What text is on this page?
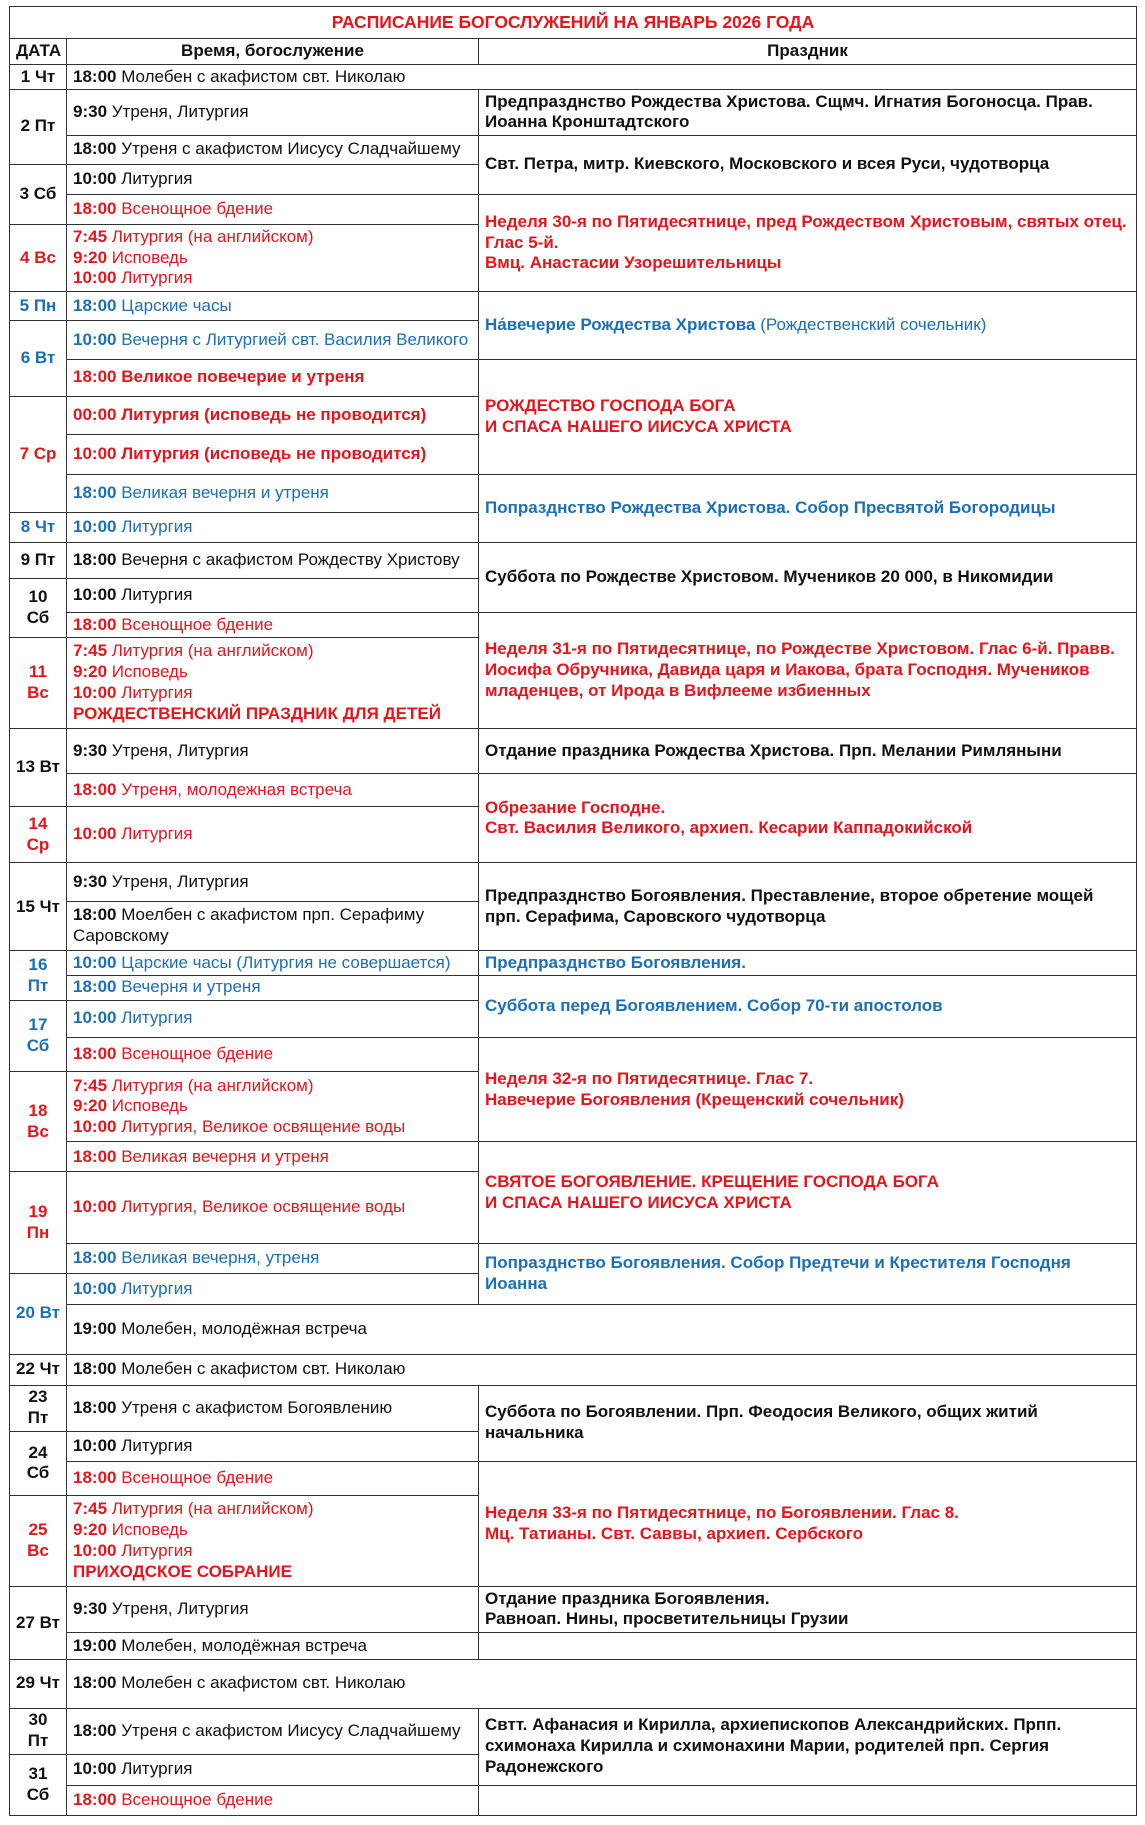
РАСПИСАНИЕ БОГОСЛУЖЕНИЙ НА ЯНВАРЬ 2026 ГОДА		
ДАТА	Время, богослужение	Праздник
1 Чт	18:00 Молебен с акафистом свт. Николаю	
2 Пт	9:30 Утреня, Литургия	Предпразднство Рождества Христова. Сщмч. Игнатия Богоносца. Прав. Иоанна Кронштадтского
	18:00 Утреня с акафистом Иисусу Сладчайшему	Свт. Петра, митр. Киевского, Московского и всея Руси, чудотворца
3 Сб	10:00 Литургия	
	18:00 Всенощное бдение	Неделя 30-я по Пятидесятнице, пред Рождеством Христовым, святых отец. Глас 5-й.
Вмц. Анастасии Узорешительницы
4 Вс	7:45 Литургия (на английском)
9:20 Исповедь
10:00 Литургия	
5 Пн	18:00 Царские часы	На́вечерие Рождества Христова (Рождественский сочельник)
6 Вт	10:00 Вечерня с Литургией свт. Василия Великого	
	18:00 Великое повечерие и утреня	РОЖДЕСТВО ГОСПОДА БОГА
И СПАСА НАШЕГО ИИСУСА ХРИСТА
7 Ср	00:00 Литургия (исповедь не проводится)	
	10:00 Литургия (исповедь не проводится)	
	18:00 Великая вечерня и утреня	Попразднство Рождества Христова. Собор Пресвятой Богородицы
8 Чт	10:00 Литургия	
9 Пт	18:00 Вечерня с акафистом Рождеству Христову	Суббота по Рождестве Христовом. Мучеников 20 000, в Никомидии
10 Сб	10:00 Литургия	
	18:00 Всенощное бдение	Неделя 31-я по Пятидесятнице, по Рождестве Христовом. Глас 6-й. Правв. Иосифа Обручника, Давида царя и Иакова, брата Господня. Мучеников младенцев, от Ирода в Вифлееме избиенных
11 Вс	7:45 Литургия (на английском)
9:20 Исповедь
10:00 Литургия
РОЖДЕСТВЕНСКИЙ ПРАЗДНИК ДЛЯ ДЕТЕЙ	

13 Вт	9:30 Утреня, Литургия	Отдание праздника Рождества Христова. Прп. Мелании Римляныни
	18:00 Утреня, молодежная встреча	Обрезание Господне.
Свт. Василия Великого, архиеп. Кесарии Каппадокийской
14 Ср	10:00 Литургия	
15 Чт	9:30 Утреня, Литургия	Предпразднство Богоявления. Преставление, второе обретение мощей прп. Серафима, Саровского чудотворца
	18:00 Моелбен с акафистом прп. Серафиму Саровскому	
16 Пт	10:00 Царские часы (Литургия не совершается)	Предпразднство Богоявления.
	18:00 Вечерня и утреня	Суббота перед Богоявлением. Собор 70-ти апостолов
17 Сб	10:00 Литургия	
	18:00 Всенощное бдение	Неделя 32-я по Пятидесятнице. Глас 7.
Навечерие Богоявления (Крещенский сочельник)
18 Вс	7:45 Литургия (на английском)
9:20 Исповедь
10:00 Литургия, Великое освящение воды	
	18:00 Великая вечерня и утреня	СВЯТОЕ БОГОЯВЛЕНИЕ. КРЕЩЕНИЕ ГОСПОДА БОГА
И СПАСА НАШЕГО ИИСУСА ХРИСТА
19 Пн	10:00 Литургия, Великое освящение воды	
	18:00 Великая вечерня, утреня	Попразднство Богоявления. Собор Предтечи и Крестителя Господня Иоанна
20 Вт	10:00 Литургия	
	19:00 Молебен, молодёжная встреча	
22 Чт	18:00 Молебен с акафистом свт. Николаю	
23 Пт	18:00 Утреня с акафистом Богоявлению	Суббота по Богоявлении. Прп. Феодосия Великого, общих житий начальника
24 Сб	10:00 Литургия	
	18:00 Всенощное бдение	Неделя 33-я по Пятидесятнице, по Богоявлении. Глас 8.
Мц. Татианы. Свт. Саввы, архиеп. Сербского
25 Вс	7:45 Литургия (на английском)
9:20 Исповедь
10:00 Литургия
ПРИХОДСКОЕ СОБРАНИЕ	

27 Вт	9:30 Утреня, Литургия	Отдание праздника Богоявления.
Равноап. Нины, просветительницы Грузии
	19:00 Молебен, молодёжная встреча	
29 Чт	18:00 Молебен с акафистом свт. Николаю	
30 Пт	18:00 Утреня с акафистом Иисусу Сладчайшему	Свтт. Афанасия и Кирилла, архиепископов Александрийских. Прпп. схимонаха Кирилла и схимонахини Марии, родителей прп. Сергия Радонежского
31 Сб	10:00 Литургия	
	18:00 Всенощное бдение	
